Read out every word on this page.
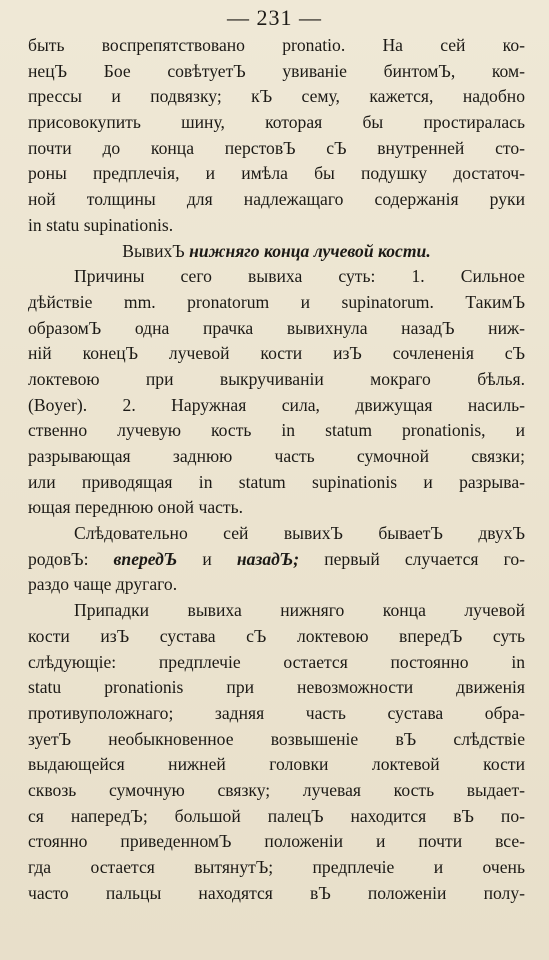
— 231 —
быть воспрепятствовано pronatio. На сей ко-
нецЪ Бое совѣтуетЪ увиваніе бинтомЪ, ком-
прессы и подвязку; кЪ сему, кажется, надобно
присовокупить шину, которая бы простиралась
почти до конца перстовЪ сЪ внутренней сто-
роны предплечія, и имѣла бы подушку достаточ-
ной толщины для надлежащаго содержанія руки
in statu supinationis.
ВывихЪ нижняго конца лучевой кости.
Причины сего вывиха суть: 1. Сильное
дѣйствіе mm. pronatorum и supinatorum. ТакимЪ
образомЪ одна прачка вывихнула назадЪ ниж-
ній конецЪ лучевой кости изЪ сочлененія сЪ
локтевою при выкручиваніи мокраго бѣлья.
(Boyer). 2. Наружная сила, движущая насиль-
ственно лучевую кость in statum pronationis, и
разрывающая заднюю часть сумочной связки;
или приводящая in statum supinationis и разрыва-
ющая переднюю оной часть.
Слѣдовательно сей вывихЪ бываетЪ двухЪ
родовЪ: впередЪ и назадЪ; первый случается го-
раздо чаще другаго.
Припадки вывиха нижняго конца лучевой
кости изЪ сустава сЪ локтевою впередЪ суть
слѣдующіе: предплечіе остается постоянно in
statu pronationis при невозможности движенія
противуположнаго; задняя часть сустава обра-
зуетЪ необыкновенное возвышеніе вЪ слѣдствіе
выдающейся нижней головки локтевой кости
сквозь сумочную связку; лучевая кость выдает-
ся напередЪ; большой палецЪ находится вЪ по-
стоянно приведенномЪ положеніи и почти все-
гда остается вытянутЪ; предплечіе и очень
часто пальцы находятся вЪ положеніи полу-
